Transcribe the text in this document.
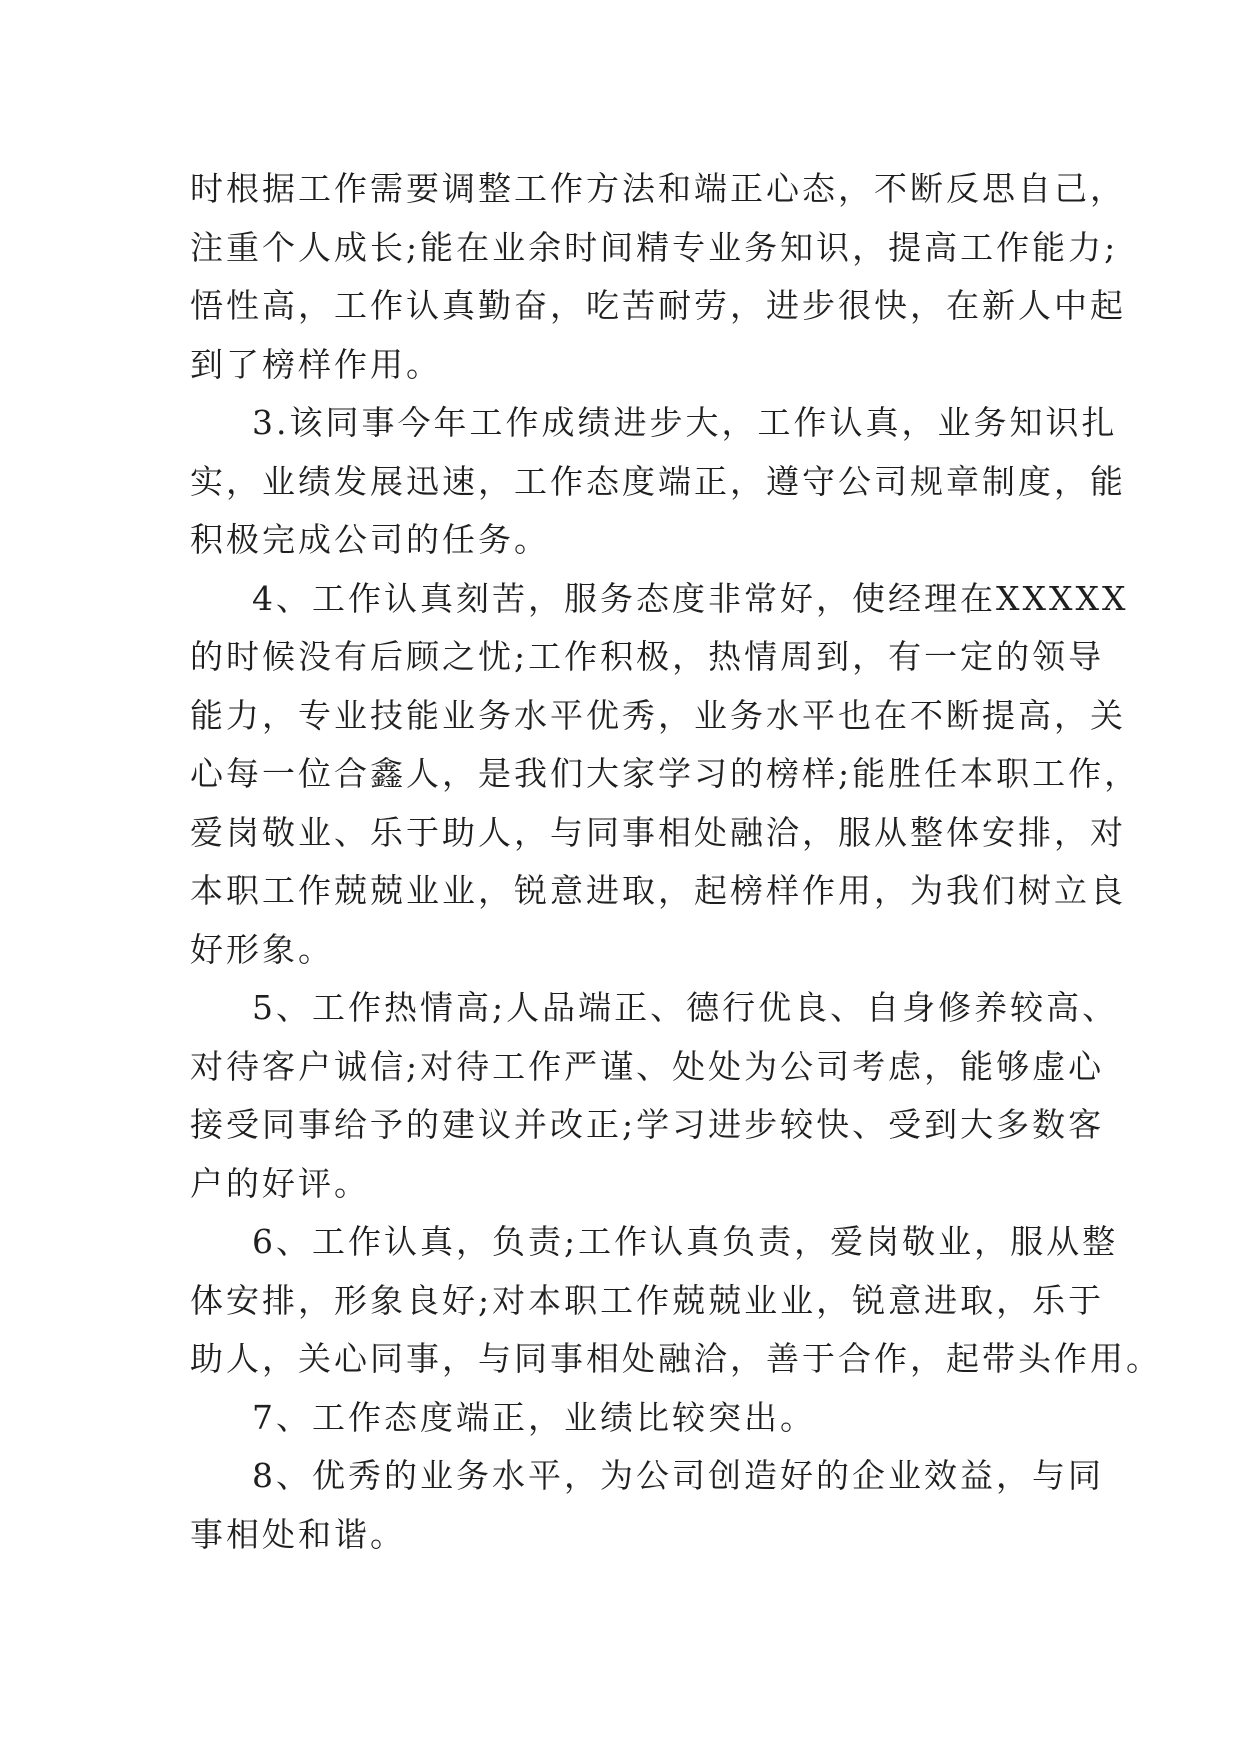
时根据工作需要调整工作方法和端正心态，不断反思自己，
注重个人成长;能在业余时间精专业务知识，提高工作能力;
悟性高，工作认真勤奋，吃苦耐劳，进步很快，在新人中起
到了榜样作用。

3.该同事今年工作成绩进步大，工作认真，业务知识扎
实，业绩发展迅速，工作态度端正，遵守公司规章制度，能
积极完成公司的任务。

4、工作认真刻苦，服务态度非常好，使经理在XXXXX
的时候没有后顾之忧;工作积极，热情周到，有一定的领导
能力，专业技能业务水平优秀，业务水平也在不断提高，关
心每一位合鑫人，是我们大家学习的榜样;能胜任本职工作，
爱岗敬业、乐于助人，与同事相处融洽，服从整体安排，对
本职工作兢兢业业，锐意进取，起榜样作用，为我们树立良
好形象。

5、工作热情高;人品端正、德行优良、自身修养较高、
对待客户诚信;对待工作严谨、处处为公司考虑，能够虚心
接受同事给予的建议并改正;学习进步较快、受到大多数客
户的好评。

6、工作认真，负责;工作认真负责，爱岗敬业，服从整
体安排，形象良好;对本职工作兢兢业业，锐意进取，乐于
助人，关心同事，与同事相处融洽，善于合作，起带头作用。

7、工作态度端正，业绩比较突出。

8、优秀的业务水平，为公司创造好的企业效益，与同
事相处和谐。
